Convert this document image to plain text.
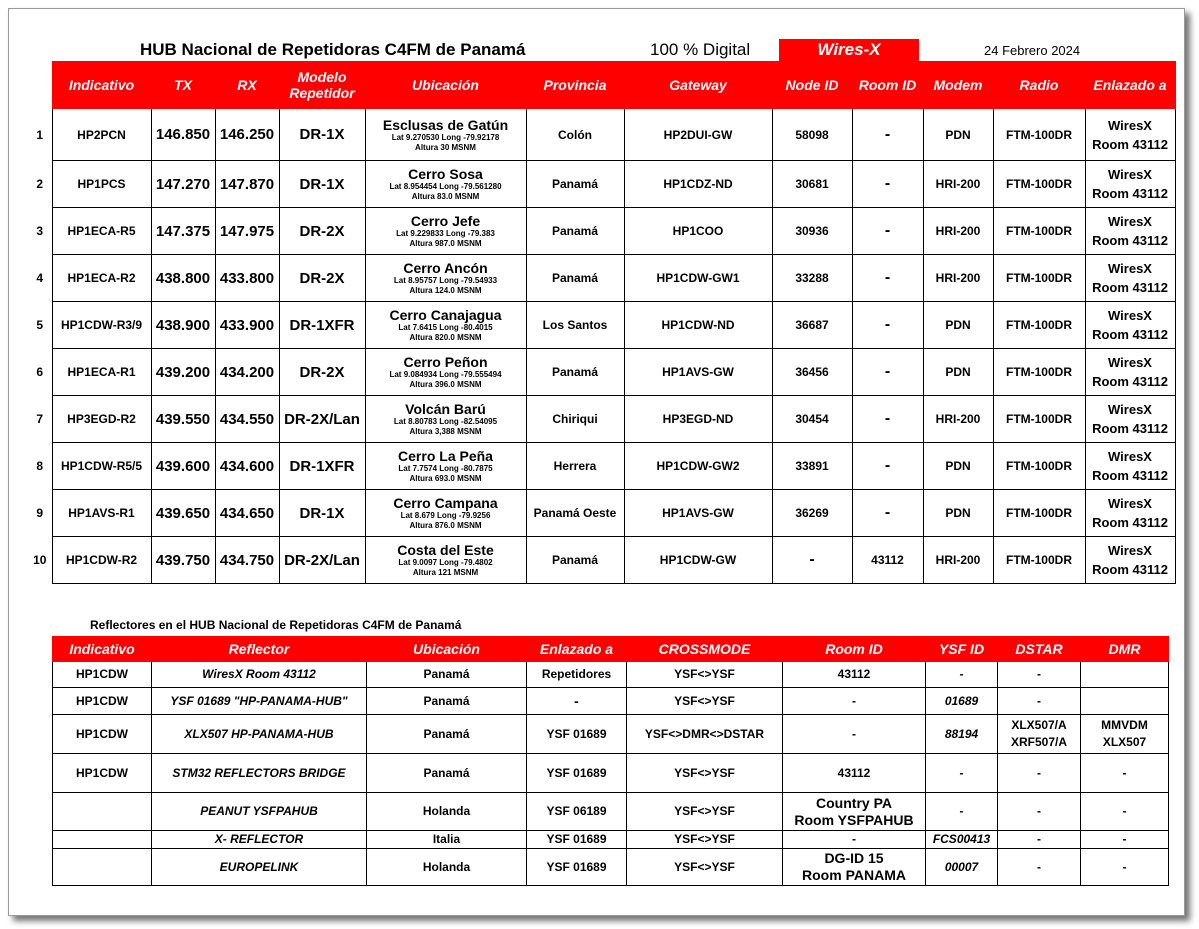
HUB Nacional de Repetidoras C4FM de Panamá	100 % Digital	Wires-X	24 Febrero 2024
	Indicativo	TX	RX	Modelo Repetidor	Ubicación	Provincia	Gateway	Node ID	Room ID	Modem	Radio	Enlazado a
1	HP2PCN	146.850	146.250	DR-1X	Esclusas de Gatún
Lat 9.270530 Long -79.92178
Altura 30 MSNM	Colón	HP2DUI-GW	58098	-	PDN	FTM-100DR	WiresX
Room 43112

2	HP1PCS	147.270	147.870	DR-1X	Cerro Sosa
Lat 8.954454 Long -79.561280
Altura 83.0 MSNM	Panamá	HP1CDZ-ND	30681	-	HRI-200	FTM-100DR	WiresX
Room 43112

3	HP1ECA-R5	147.375	147.975	DR-2X	Cerro Jefe
Lat 9.229833 Long -79.383
Altura 987.0 MSNM	Panamá	HP1COO	30936	-	HRI-200	FTM-100DR	WiresX
Room 43112

4	HP1ECA-R2	438.800	433.800	DR-2X	Cerro Ancón
Lat 8.95757 Long -79.54933
Altura 124.0 MSNM	Panamá	HP1CDW-GW1	33288	-	HRI-200	FTM-100DR	WiresX
Room 43112

5	HP1CDW-R3/9	438.900	433.900	DR-1XFR	Cerro Canajagua
Lat 7.6415 Long -80.4015
Altura 820.0 MSNM	Los Santos	HP1CDW-ND	36687	-	PDN	FTM-100DR	WiresX
Room 43112

6	HP1ECA-R1	439.200	434.200	DR-2X	Cerro Peñon
Lat 9.084934 Long -79.555494
Altura 396.0 MSNM	Panamá	HP1AVS-GW	36456	-	PDN	FTM-100DR	WiresX
Room 43112

7	HP3EGD-R2	439.550	434.550	DR-2X/Lan	Volcán Barú
Lat 8.80783 Long -82.54095
Altura 3,388 MSNM	Chiriqui	HP3EGD-ND	30454	-	HRI-200	FTM-100DR	WiresX
Room 43112

8	HP1CDW-R5/5	439.600	434.600	DR-1XFR	Cerro La Peña
Lat 7.7574 Long -80.7875
Altura 693.0 MSNM	Herrera	HP1CDW-GW2	33891	-	PDN	FTM-100DR	WiresX
Room 43112

9	HP1AVS-R1	439.650	434.650	DR-1X	Cerro Campana
Lat 8.679 Long -79.9256
Altura 876.0 MSNM	Panamá Oeste	HP1AVS-GW	36269	-	PDN	FTM-100DR	WiresX
Room 43112

10	HP1CDW-R2	439.750	434.750	DR-2X/Lan	Costa del Este
Lat 9.0097 Long -79.4802
Altura 121 MSNM	Panamá	HP1CDW-GW	-	43112	HRI-200	FTM-100DR	WiresX
Room 43112
Reflectores en el HUB Nacional de Repetidoras C4FM de Panamá
Indicativo	Reflector	Ubicación	Enlazado a	CROSSMODE	Room ID	YSF ID	DSTAR	DMR
HP1CDW	WiresX Room 43112	Panamá	Repetidores	YSF<>YSF	43112	-	-	
HP1CDW	YSF 01689 "HP-PANAMA-HUB"	Panamá	-	YSF<>YSF	-	01689	-	
HP1CDW	XLX507 HP-PANAMA-HUB	Panamá	YSF 01689	YSF<>DMR<>DSTAR	-	88194	XLX507/A
XRF507/A	MMVDM
XLX507
HP1CDW	STM32 REFLECTORS BRIDGE	Panamá	YSF 01689	YSF<>YSF	43112	-	-	-
	PEANUT YSFPAHUB	Holanda	YSF 06189	YSF<>YSF	Country PA
Room YSFPAHUB	-	-	-
	X- REFLECTOR	Italia	YSF 01689	YSF<>YSF	-	FCS00413	-	-
	EUROPELINK	Holanda	YSF 01689	YSF<>YSF	DG-ID 15
Room PANAMA	00007	-	-
